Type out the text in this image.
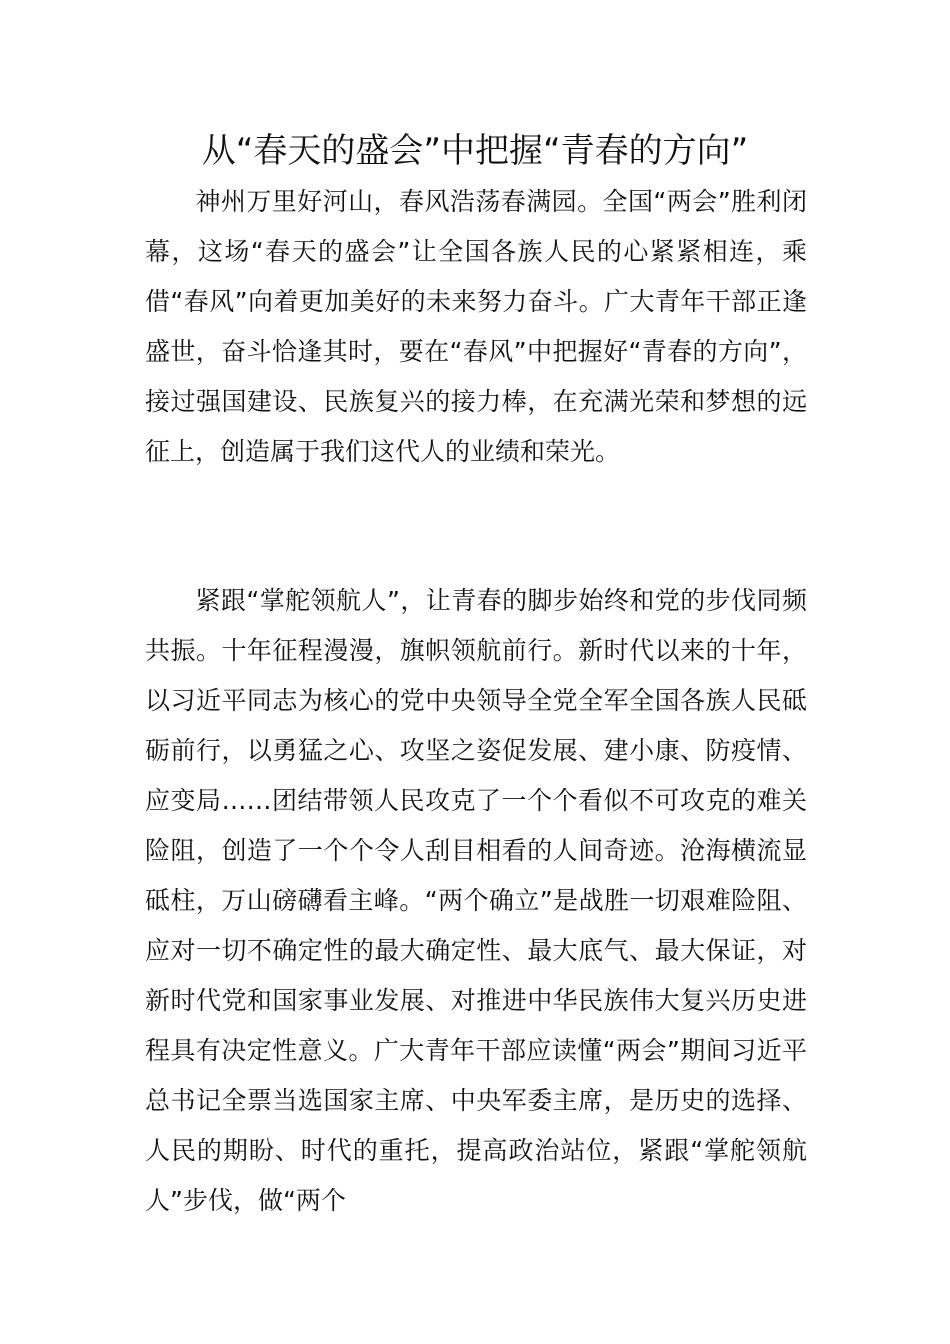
从“春天的盛会”中把握“青春的方向”

神州万里好河山，春风浩荡春满园。全国“两会”胜利闭幕，这场“春天的盛会”让全国各族人民的心紧紧相连，乘借“春风”向着更加美好的未来努力奋斗。广大青年干部正逢盛世，奋斗恰逢其时，要在“春风”中把握好“青春的方向”，接过强国建设、民族复兴的接力棒，在充满光荣和梦想的远征上，创造属于我们这代人的业绩和荣光。

紧跟“掌舵领航人”，让青春的脚步始终和党的步伐同频共振。十年征程漫漫，旗帜领航前行。新时代以来的十年，以习近平同志为核心的党中央领导全党全军全国各族人民砥砺前行，以勇猛之心、攻坚之姿促发展、建小康、防疫情、应变局……团结带领人民攻克了一个个看似不可攻克的难关险阻，创造了一个个令人刮目相看的人间奇迹。沧海横流显砥柱，万山磅礴看主峰。“两个确立”是战胜一切艰难险阻、应对一切不确定性的最大确定性、最大底气、最大保证，对新时代党和国家事业发展、对推进中华民族伟大复兴历史进程具有决定性意义。广大青年干部应读懂“两会”期间习近平总书记全票当选国家主席、中央军委主席，是历史的选择、人民的期盼、时代的重托，提高政治站位，紧跟“掌舵领航人”步伐，做“两个
